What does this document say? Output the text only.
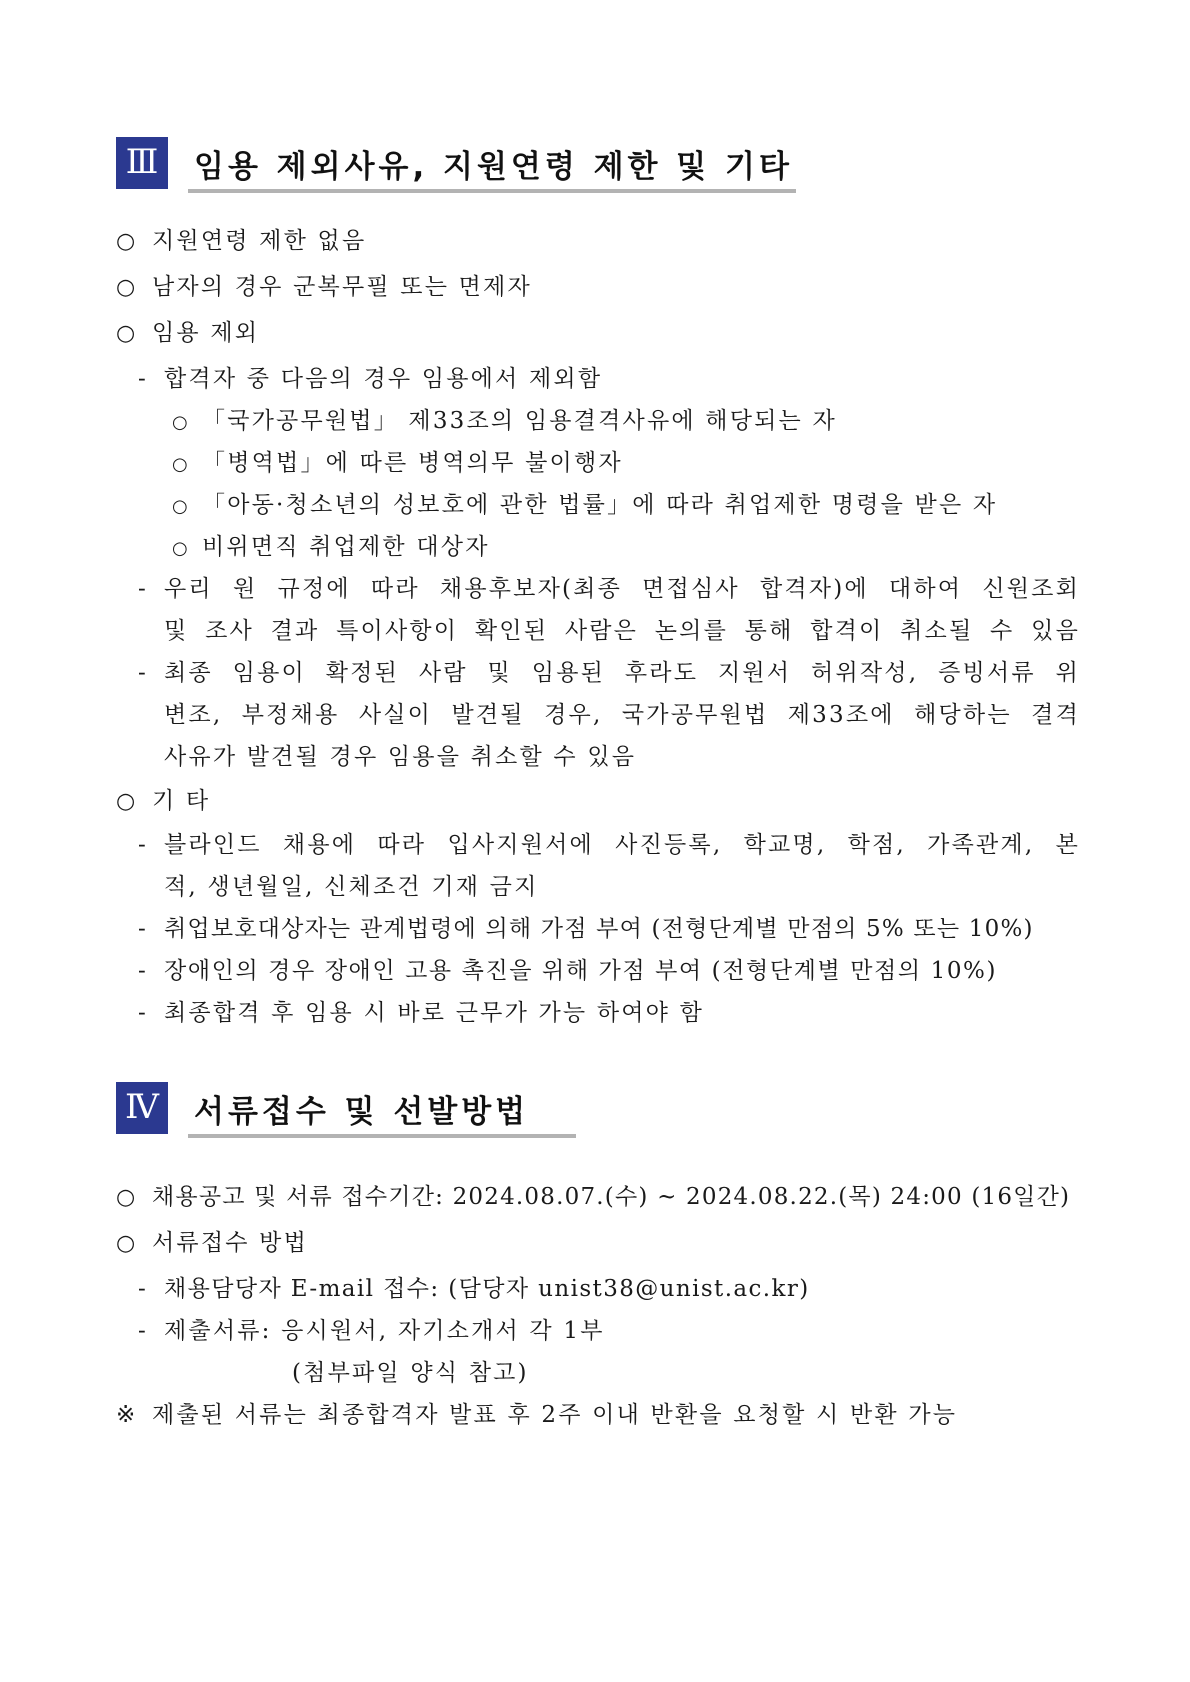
Ⅲ	임용 제외사유, 지원연령 제한 및 기타
○ 지원연령 제한 없음
○ 남자의 경우 군복무필 또는 면제자
○ 임용 제외
- 합격자 중 다음의 경우 임용에서 제외함
○ 「국가공무원법」 제33조의 임용결격사유에 해당되는 자
○ 「병역법」에 따른 병역의무 불이행자
○ 「아동·청소년의 성보호에 관한 법률」에 따라 취업제한 명령을 받은 자
○ 비위면직 취업제한 대상자
- 우리 원 규정에 따라 채용후보자(최종 면접심사 합격자)에 대하여 신원조회
및 조사 결과 특이사항이 확인된 사람은 논의를 통해 합격이 취소될 수 있음
- 최종 임용이 확정된 사람 및 임용된 후라도 지원서 허위작성, 증빙서류 위
변조, 부정채용 사실이 발견될 경우, 국가공무원법 제33조에 해당하는 결격
사유가 발견될 경우 임용을 취소할 수 있음
○ 기 타
- 블라인드 채용에 따라 입사지원서에 사진등록, 학교명, 학점, 가족관계, 본
적, 생년월일, 신체조건 기재 금지
- 취업보호대상자는 관계법령에 의해 가점 부여 (전형단계별 만점의 5% 또는 10%)
- 장애인의 경우 장애인 고용 촉진을 위해 가점 부여 (전형단계별 만점의 10%)
- 최종합격 후 임용 시 바로 근무가 가능 하여야 함
Ⅳ 서류접수 및 선발방법
○ 채용공고 및 서류 접수기간: 2024.08.07.(수) ~ 2024.08.22.(목) 24:00 (16일간)
○ 서류접수 방법
- 채용담당자 E-mail 접수: (담당자 unist38@unist.ac.kr)
- 제출서류: 응시원서, 자기소개서 각 1부
(첨부파일 양식 참고)
※ 제출된 서류는 최종합격자 발표 후 2주 이내 반환을 요청할 시 반환 가능
